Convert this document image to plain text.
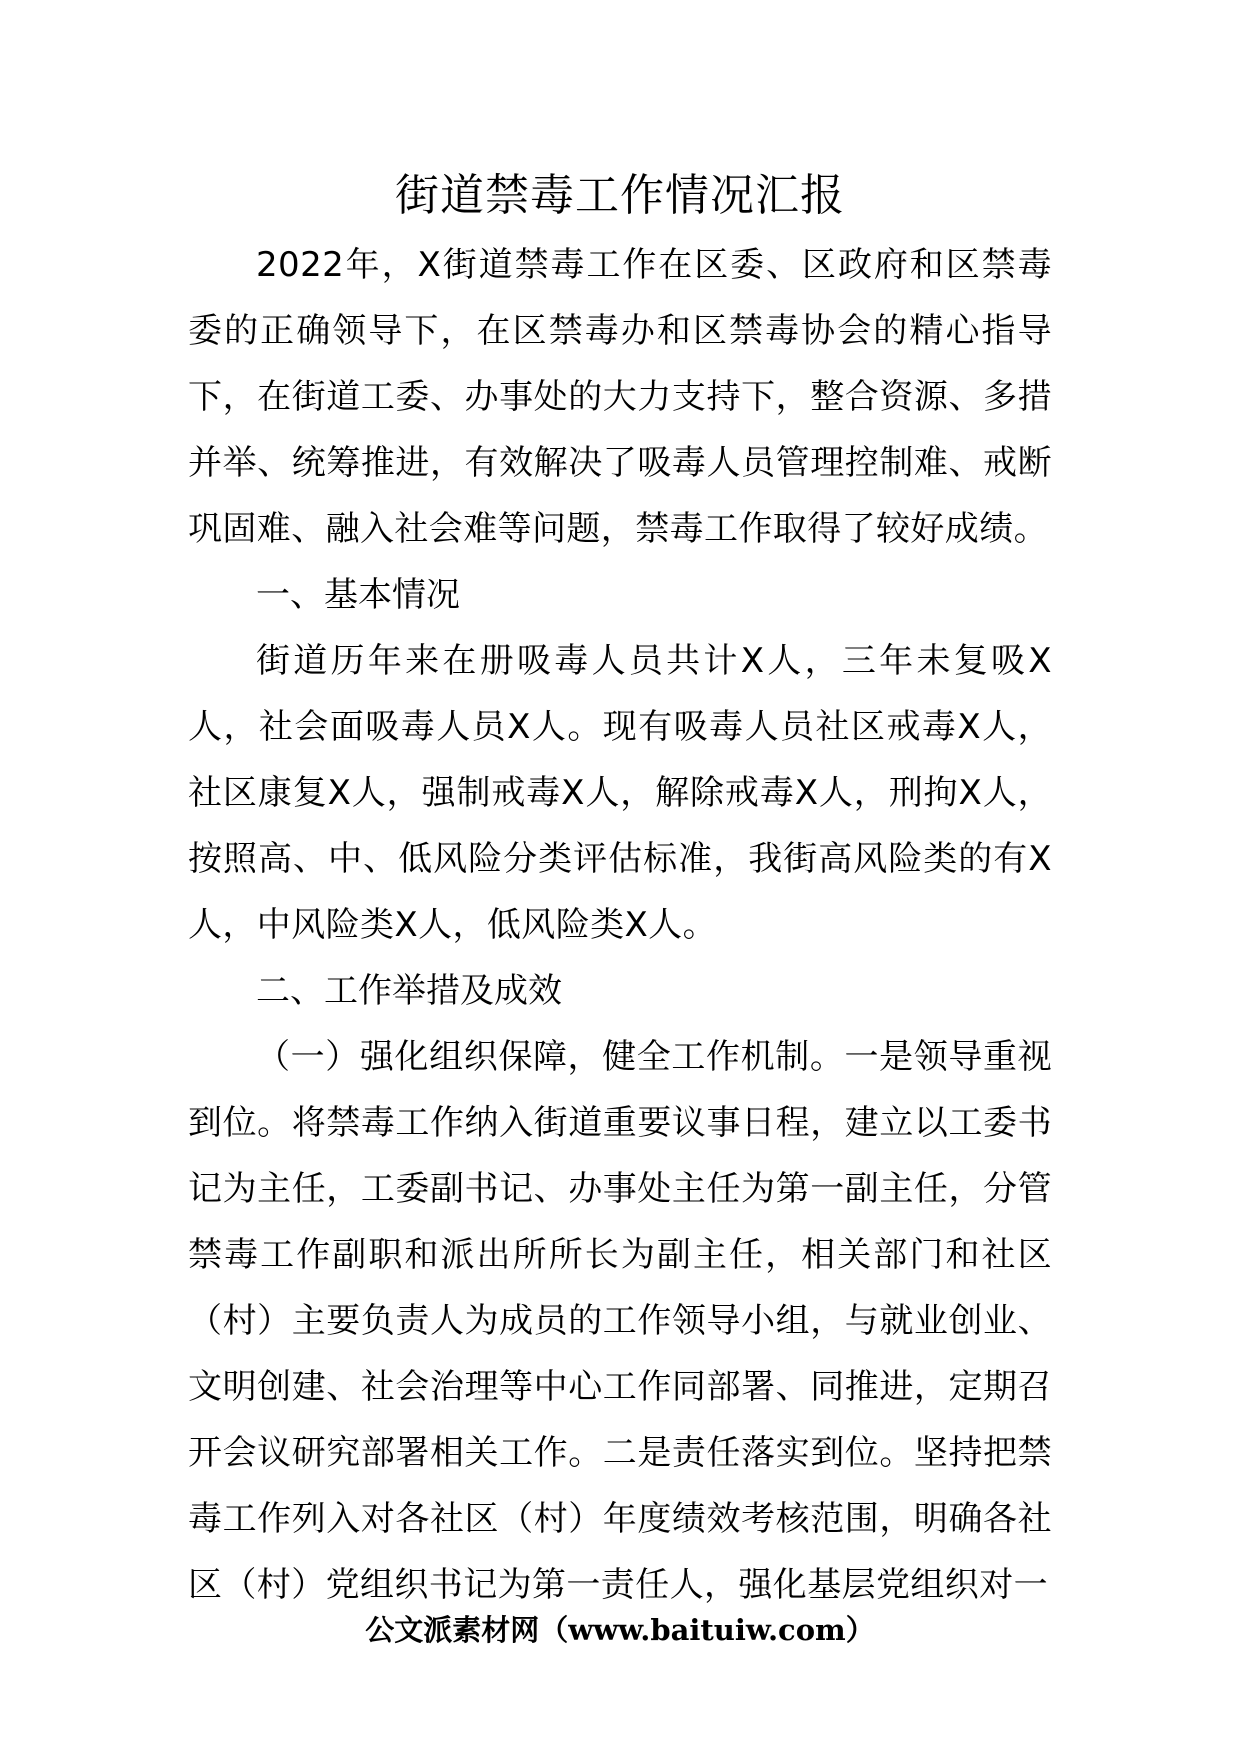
街道禁毒工作情况汇报

2022年，X街道禁毒工作在区委、区政府和区禁毒委的正确领导下，在区禁毒办和区禁毒协会的精心指导下，在街道工委、办事处的大力支持下，整合资源、多措并举、统筹推进，有效解决了吸毒人员管理控制难、戒断巩固难、融入社会难等问题，禁毒工作取得了较好成绩。

一、基本情况

街道历年来在册吸毒人员共计X人，三年未复吸X人，社会面吸毒人员X人。现有吸毒人员社区戒毒X人，社区康复X人，强制戒毒X人，解除戒毒X人，刑拘X人，按照高、中、低风险分类评估标准，我街高风险类的有X人，中风险类X人，低风险类X人。

二、工作举措及成效

（一）强化组织保障，健全工作机制。一是领导重视到位。将禁毒工作纳入街道重要议事日程，建立以工委书记为主任，工委副书记、办事处主任为第一副主任，分管禁毒工作副职和派出所所长为副主任，相关部门和社区（村）主要负责人为成员的工作领导小组，与就业创业、文明创建、社会治理等中心工作同部署、同推进，定期召开会议研究部署相关工作。二是责任落实到位。坚持把禁毒工作列入对各社区（村）年度绩效考核范围，明确各社区（村）党组织书记为第一责任人，强化基层党组织对一

公文派素材网（www.baituiw.com）
